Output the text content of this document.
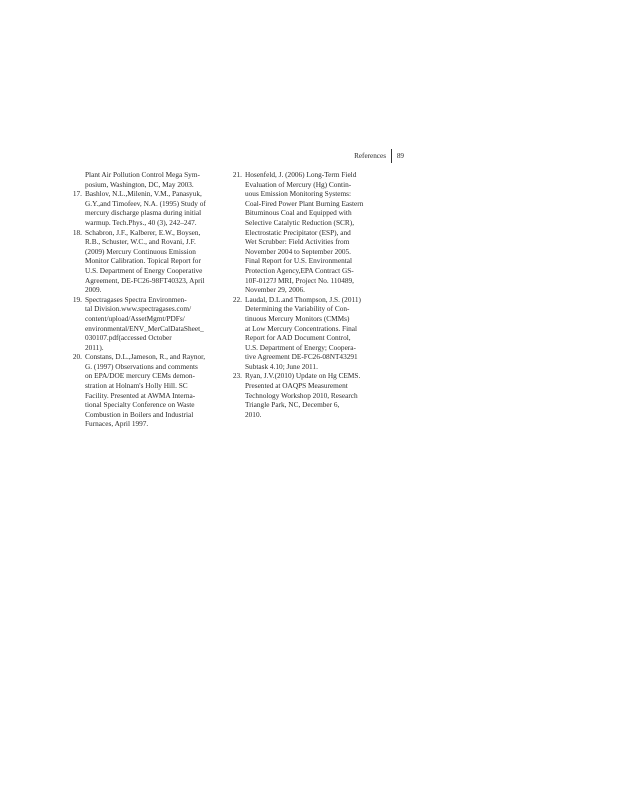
References 89
Plant Air Pollution Control Mega Sym-
posium, Washington, DC, May 2003.
17. Bashlov, N.L.,Milenin, V.M., Panasyuk,
G.Y.,and Timofeev, N.A. (1995) Study of
mercury discharge plasma during initial
warmup. Tech.Phys., 40 (3), 242–247.
18. Schabron, J.F., Kalberer, E.W., Boysen,
R.B., Schuster, W.C., and Rovani, J.F.
(2009) Mercury Continuous Emission
Monitor Calibration. Topical Report for
U.S. Department of Energy Cooperative
Agreement, DE-FC26-98FT40323, April
2009.
19. Spectragases Spectra Environmen-
tal Division.www.spectragases.com/
content/upload/AssetMgmt/PDFs/
environmental/ENV_MerCalDataSheet_
030107.pdf(accessed October
2011).
20. Constans, D.L.,Jameson, R., and Raynor,
G. (1997) Observations and comments
on EPA/DOE mercury CEMs demon-
stration at Holnam's Holly Hill. SC
Facility. Presented at AWMA Interna-
tional Specialty Conference on Waste
Combustion in Boilers and Industrial
Furnaces, April 1997.
21. Hosenfeld, J. (2006) Long-Term Field
Evaluation of Mercury (Hg) Contin-
uous Emission Monitoring Systems:
Coal-Fired Power Plant Burning Eastern
Bituminous Coal and Equipped with
Selective Catalytic Reduction (SCR),
Electrostatic Precipitator (ESP), and
Wet Scrubber: Field Activities from
November 2004 to September 2005.
Final Report for U.S. Environmental
Protection Agency,EPA Contract GS-
10F-0127J MRI, Project No. 110489,
November 29, 2006.
22. Laudal, D.L.and Thompson, J.S. (2011)
Determining the Variability of Con-
tinuous Mercury Monitors (CMMs)
at Low Mercury Concentrations. Final
Report for AAD Document Control,
U.S. Department of Energy; Coopera-
tive Agreement DE-FC26-08NT43291
Subtask 4.10; June 2011.
23. Ryan, J.V.(2010) Update on Hg CEMS.
Presented at OAQPS Measurement
Technology Workshop 2010, Research
Triangle Park, NC, December 6,
2010.
